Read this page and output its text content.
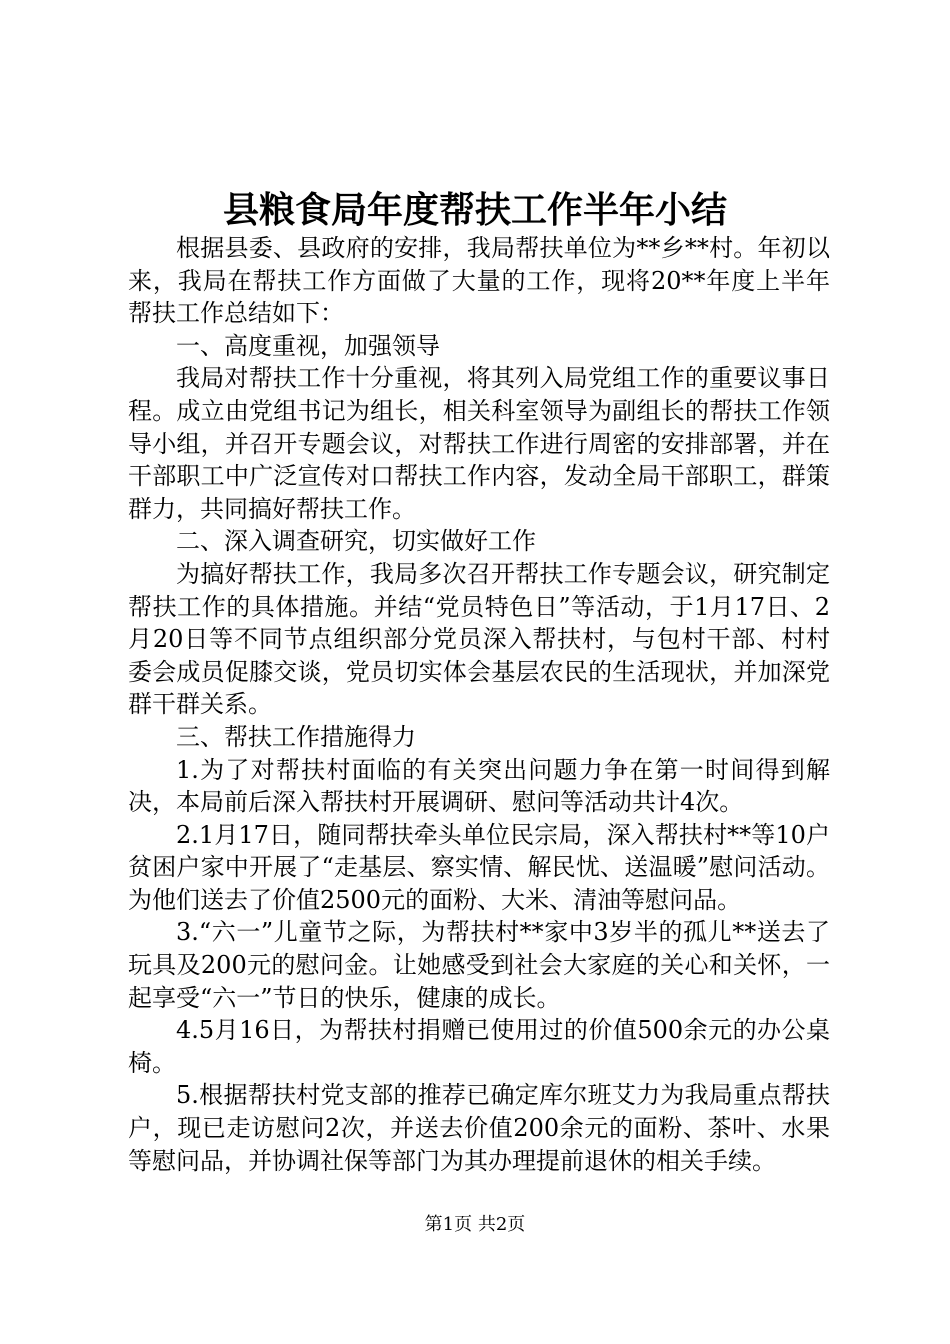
县粮食局年度帮扶工作半年小结

根据县委、县政府的安排，我局帮扶单位为**乡**村。年初以来，我局在帮扶工作方面做了大量的工作，现将20**年度上半年帮扶工作总结如下：

一、高度重视，加强领导

我局对帮扶工作十分重视，将其列入局党组工作的重要议事日程。成立由党组书记为组长，相关科室领导为副组长的帮扶工作领导小组，并召开专题会议，对帮扶工作进行周密的安排部署，并在干部职工中广泛宣传对口帮扶工作内容，发动全局干部职工，群策群力，共同搞好帮扶工作。

二、深入调查研究，切实做好工作

为搞好帮扶工作，我局多次召开帮扶工作专题会议，研究制定帮扶工作的具体措施。并结“党员特色日”等活动，于1月17日、2月20日等不同节点组织部分党员深入帮扶村，与包村干部、村村委会成员促膝交谈，党员切实体会基层农民的生活现状，并加深党群干群关系。

三、帮扶工作措施得力

1.为了对帮扶村面临的有关突出问题力争在第一时间得到解决，本局前后深入帮扶村开展调研、慰问等活动共计4次。

2.1月17日，随同帮扶牵头单位民宗局，深入帮扶村**等10户贫困户家中开展了“走基层、察实情、解民忧、送温暖”慰问活动。为他们送去了价值2500元的面粉、大米、清油等慰问品。

3.“六一”儿童节之际，为帮扶村**家中3岁半的孤儿**送去了玩具及200元的慰问金。让她感受到社会大家庭的关心和关怀，一起享受“六一”节日的快乐，健康的成长。

4.5月16日，为帮扶村捐赠已使用过的价值500余元的办公桌椅。

5.根据帮扶村党支部的推荐已确定库尔班艾力为我局重点帮扶户，现已走访慰问2次，并送去价值200余元的面粉、茶叶、水果等慰问品，并协调社保等部门为其办理提前退休的相关手续。

第1页 共2页
